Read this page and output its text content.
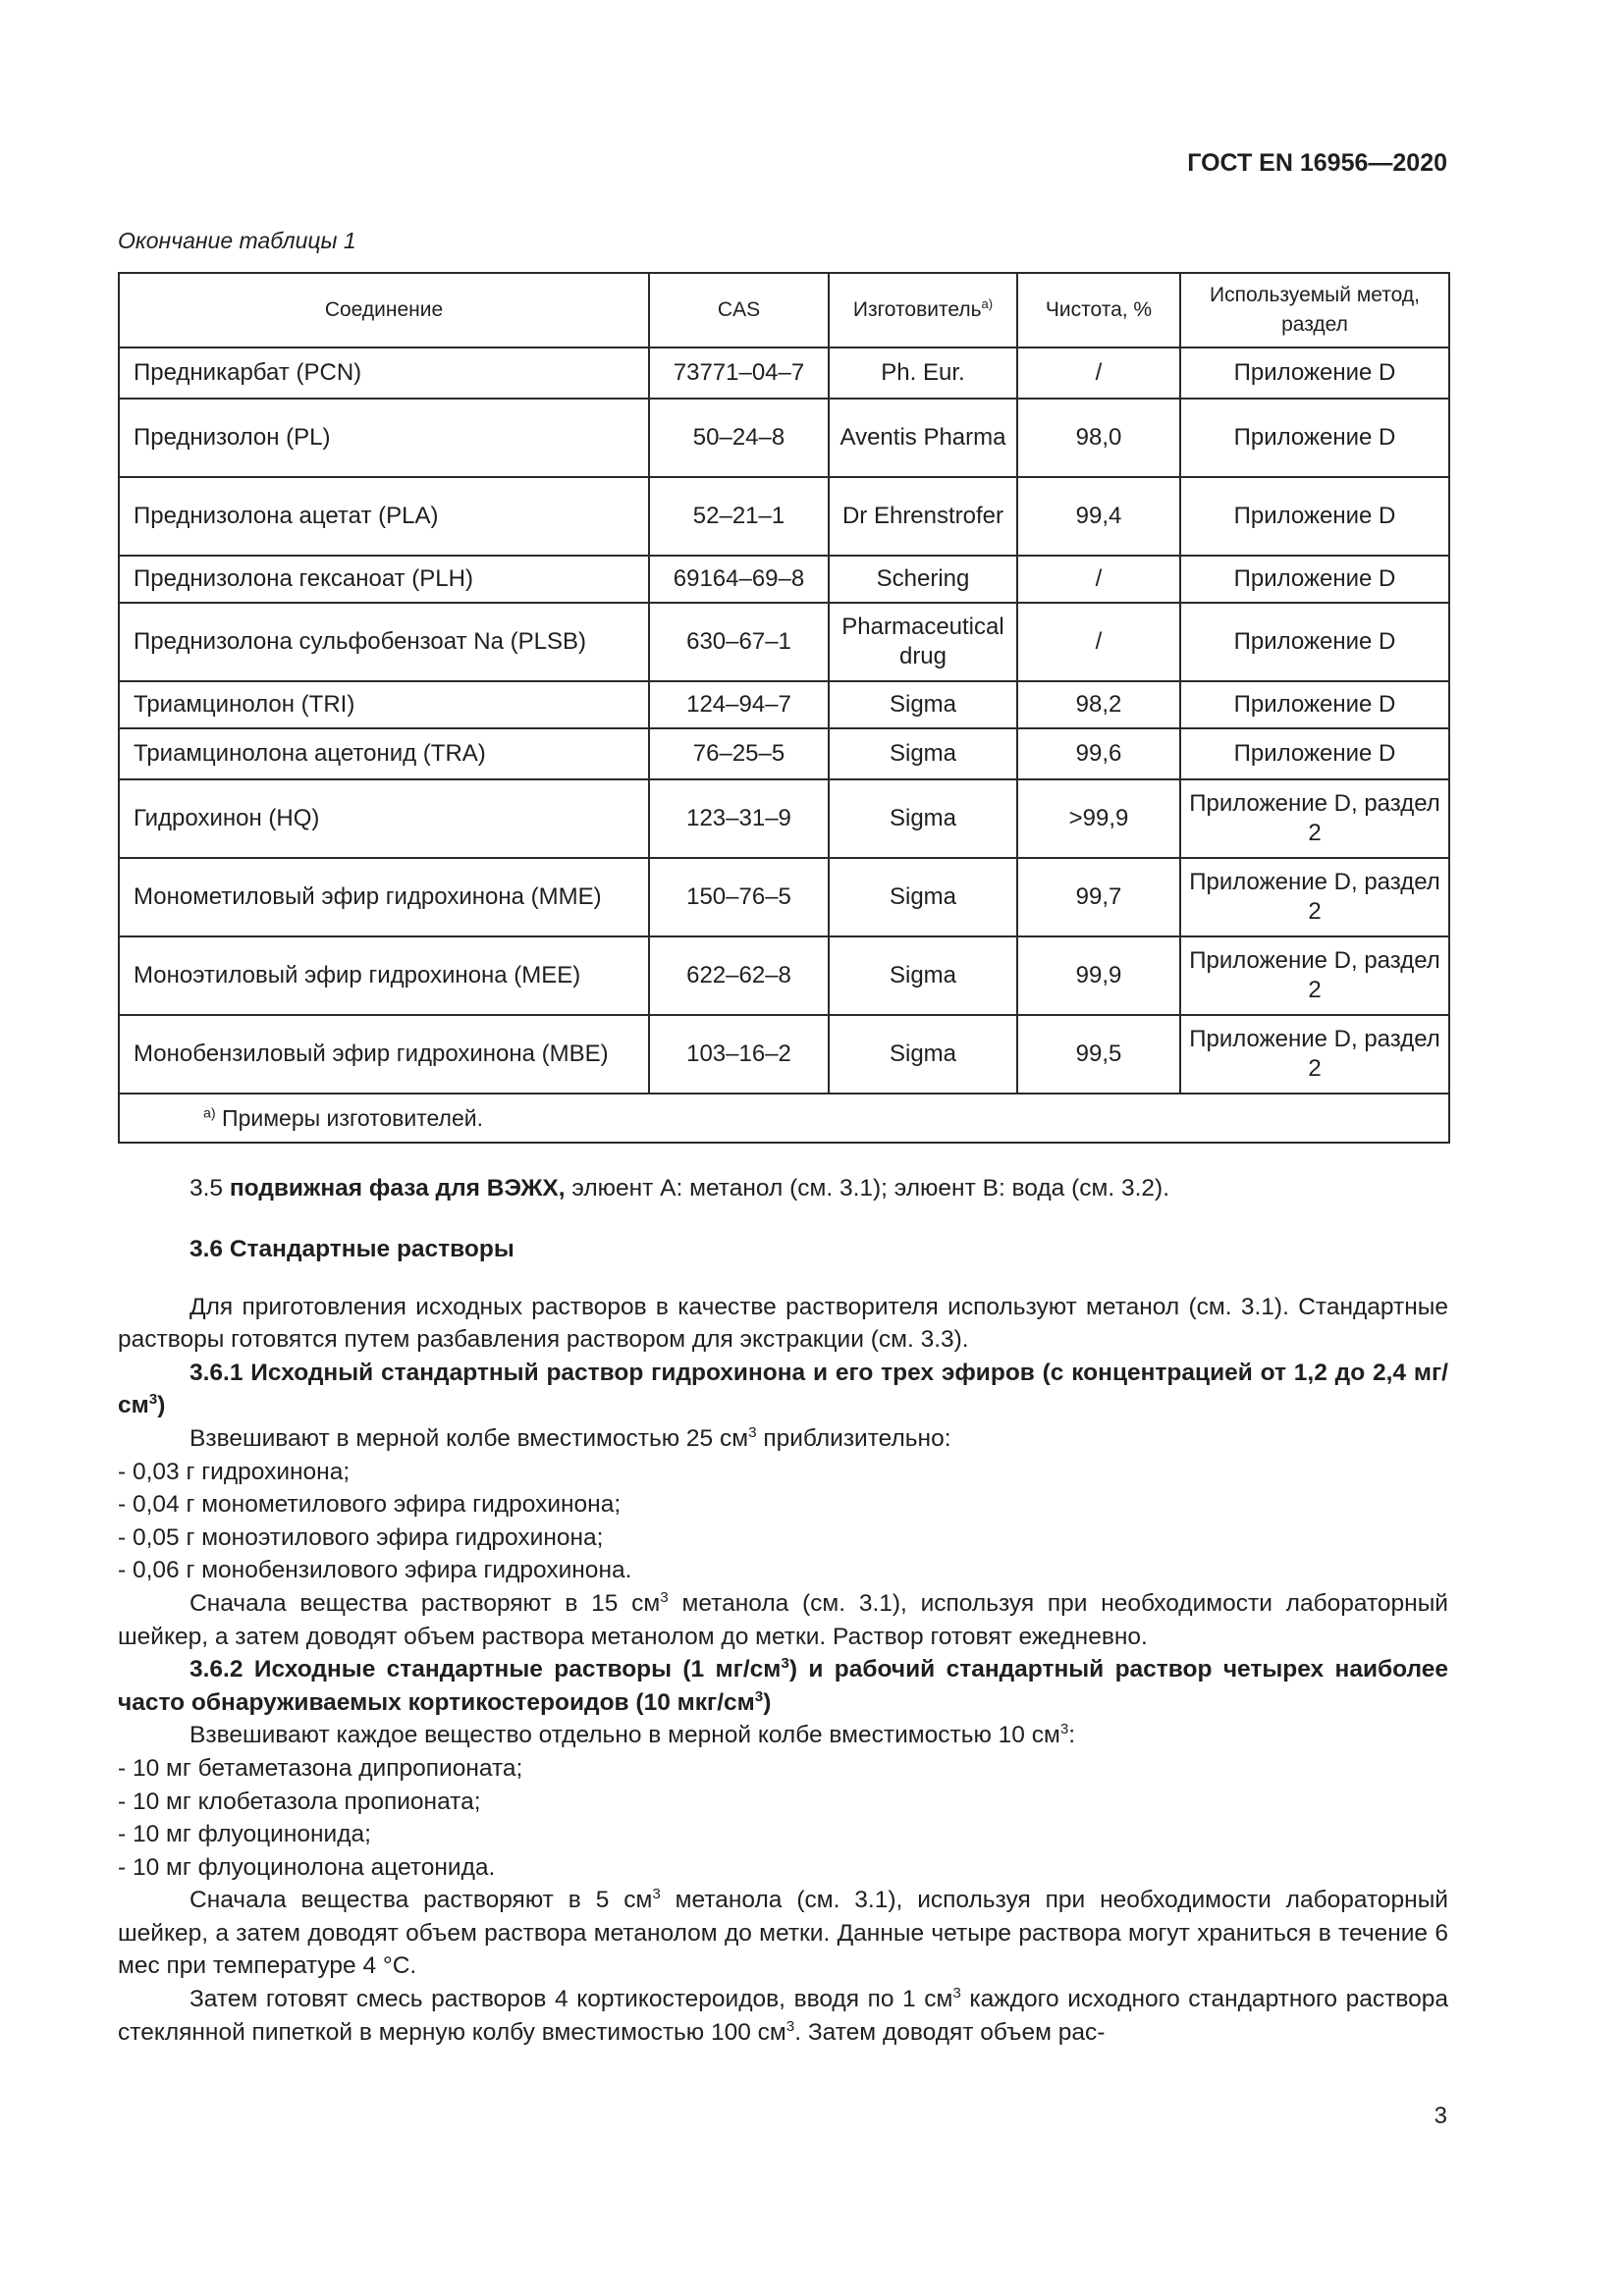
ГОСТ EN 16956—2020
Окончание таблицы 1
Соединение	CAS	Изготовитель$^{a)}$	Чистота, %	Используемый метод, раздел
Предникарбат (PCN)	73771–04–7	Ph. Eur.	/	Приложение D
Преднизолон (PL)	50–24–8	Aventis Pharma	98,0	Приложение D
Преднизолона ацетат (PLA)	52–21–1	Dr Ehrenstrofer	99,4	Приложение D
Преднизолона гексаноат (PLH)	69164–69–8	Schering	/	Приложение D
Преднизолона сульфобензоат Na (PLSB)	630–67–1	Pharmaceutical drug	/	Приложение D
Триамцинолон (TRI)	124–94–7	Sigma	98,2	Приложение D
Триамцинолона ацетонид (TRA)	76–25–5	Sigma	99,6	Приложение D
Гидрохинон (HQ)	123–31–9	Sigma	>99,9	Приложение D, раздел 2
Монометиловый эфир гидрохинона (MME)	150–76–5	Sigma	99,7	Приложение D, раздел 2
Моноэтиловый эфир гидрохинона (MEE)	622–62–8	Sigma	99,9	Приложение D, раздел 2
Монобензиловый эфир гидрохинона (MBE)	103–16–2	Sigma	99,5	Приложение D, раздел 2
$^{a)}$ Примеры изготовителей.				

3.5 подвижная фаза для ВЭЖХ, элюент A: метанол (см. 3.1); элюент B: вода (см. 3.2).

3.6 Стандартные растворы

Для приготовления исходных растворов в качестве растворителя используют метанол (см. 3.1). Стандартные растворы готовятся путем разбавления раствором для экстракции (см. 3.3).

3.6.1 Исходный стандартный раствор гидрохинона и его трех эфиров (с концентрацией от 1,2 до 2,4 $мг/см^3$)

Взвешивают в мерной колбе вместимостью 25 $см^3$ приблизительно:

- 0,03 г гидрохинона;

- 0,04 г монометилового эфира гидрохинона;

- 0,05 г моноэтилового эфира гидрохинона;

- 0,06 г монобензилового эфира гидрохинона.

Сначала вещества растворяют в 15 $см^3$ метанола (см. 3.1), используя при необходимости лабораторный шейкер, а затем доводят объем раствора метанолом до метки. Раствор готовят ежедневно.

3.6.2 Исходные стандартные растворы (1 $мг/см^3$) и рабочий стандартный раствор четырех наиболее часто обнаруживаемых кортикостероидов (10 мкг/$см^3$)

Взвешивают каждое вещество отдельно в мерной колбе вместимостью 10 $см^3$:

- 10 мг бетаметазона дипропионата;

- 10 мг клобетазола пропионата;

- 10 мг флуоцинонида;

- 10 мг флуоцинолона ацетонида.

Сначала вещества растворяют в 5 $см^3$ метанола (см. 3.1), используя при необходимости лабораторный шейкер, а затем доводят объем раствора метанолом до метки. Данные четыре раствора могут храниться в течение 6 мес при температуре 4 °C.

Затем готовят смесь растворов 4 кортикостероидов, вводя по 1 $см^3$ каждого исходного стандартного раствора стеклянной пипеткой в мерную колбу вместимостью 100 $см^3$. Затем доводят объем рас-

3
